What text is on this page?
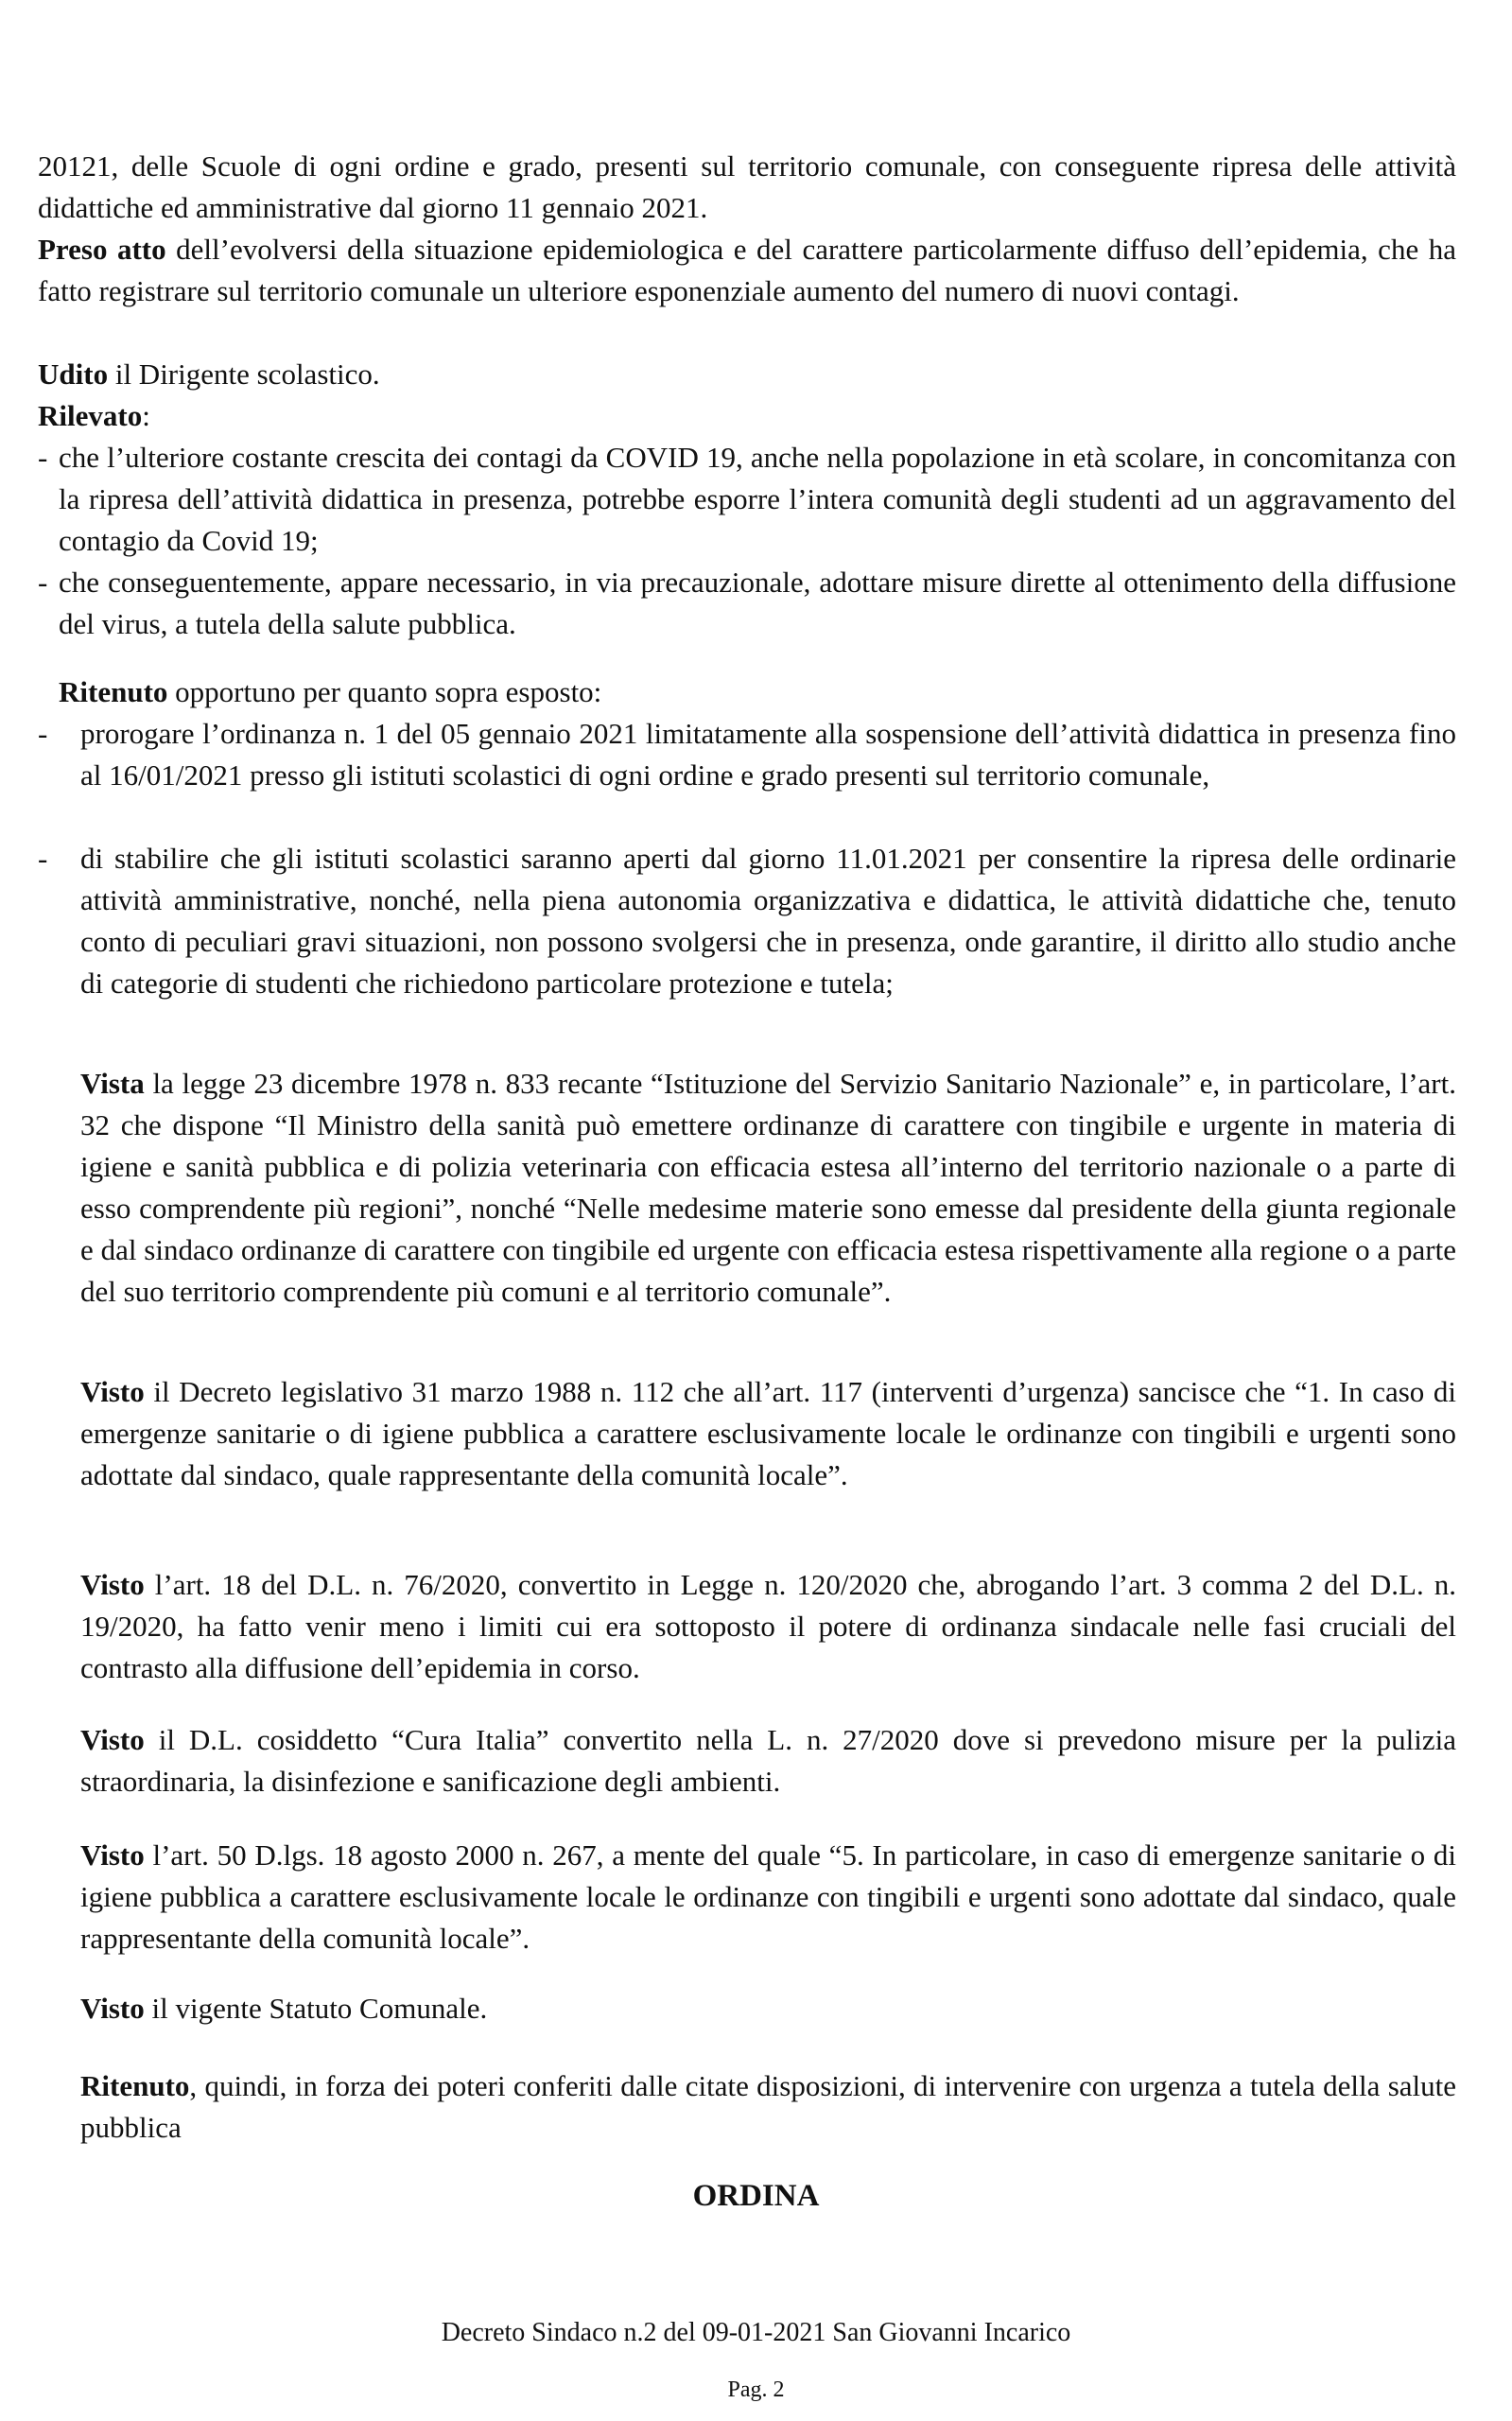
20121, delle Scuole di ogni ordine e grado, presenti sul territorio comunale, con conseguente ripresa delle attività didattiche ed amministrative dal giorno 11 gennaio 2021.

Preso atto dell’evolversi della situazione epidemiologica e del carattere particolarmente diffuso dell’epidemia, che ha fatto registrare sul territorio comunale un ulteriore esponenziale aumento del numero di nuovi contagi.

Udito il Dirigente scolastico.

Rilevato:

- che l’ulteriore costante crescita dei contagi da COVID 19, anche nella popolazione in età scolare, in concomitanza con la ripresa dell’attività didattica in presenza, potrebbe esporre l’intera comunità degli studenti ad un aggravamento del contagio da Covid 19;
- che conseguentemente, appare necessario, in via precauzionale, adottare misure dirette al ottenimento della diffusione del virus, a tutela della salute pubblica.

Ritenuto opportuno per quanto sopra esposto:

- prorogare l’ordinanza n. 1 del 05 gennaio 2021 limitatamente alla sospensione dell’attività didattica in presenza fino al 16/01/2021 presso gli istituti scolastici di ogni ordine e grado presenti sul territorio comunale,
- di stabilire che gli istituti scolastici saranno aperti dal giorno 11.01.2021 per consentire la ripresa delle ordinarie attività amministrative, nonché, nella piena autonomia organizzativa e didattica, le attività didattiche che, tenuto conto di peculiari gravi situazioni, non possono svolgersi che in presenza, onde garantire, il diritto allo studio anche di categorie di studenti che richiedono particolare protezione e tutela;

Vista la legge 23 dicembre 1978 n. 833 recante “Istituzione del Servizio Sanitario Nazionale” e, in particolare, l’art. 32 che dispone “Il Ministro della sanità può emettere ordinanze di carattere con tingibile e urgente in materia di igiene e sanità pubblica e di polizia veterinaria con efficacia estesa all’interno del territorio nazionale o a parte di esso comprendente più regioni”, nonché “Nelle medesime materie sono emesse dal presidente della giunta regionale e dal sindaco ordinanze di carattere con tingibile ed urgente con efficacia estesa rispettivamente alla regione o a parte del suo territorio comprendente più comuni e al territorio comunale”.

Visto il Decreto legislativo 31 marzo 1988 n. 112 che all’art. 117 (interventi d’urgenza) sancisce che “1. In caso di emergenze sanitarie o di igiene pubblica a carattere esclusivamente locale le ordinanze con tingibili e urgenti sono adottate dal sindaco, quale rappresentante della comunità locale”.

Visto l’art. 18 del D.L. n. 76/2020, convertito in Legge n. 120/2020 che, abrogando l’art. 3 comma 2 del D.L. n. 19/2020, ha fatto venir meno i limiti cui era sottoposto il potere di ordinanza sindacale nelle fasi cruciali del contrasto alla diffusione dell’epidemia in corso.

Visto il D.L. cosiddetto “Cura Italia” convertito nella L. n. 27/2020 dove si prevedono misure per la pulizia straordinaria, la disinfezione e sanificazione degli ambienti.

Visto l’art. 50 D.lgs. 18 agosto 2000 n. 267, a mente del quale “5. In particolare, in caso di emergenze sanitarie o di igiene pubblica a carattere esclusivamente locale le ordinanze con tingibili e urgenti sono adottate dal sindaco, quale rappresentante della comunità locale”.

Visto il vigente Statuto Comunale.

Ritenuto, quindi, in forza dei poteri conferiti dalle citate disposizioni, di intervenire con urgenza a tutela della salute pubblica

ORDINA
Decreto Sindaco n.2 del 09-01-2021 San Giovanni Incarico
Pag. 2
